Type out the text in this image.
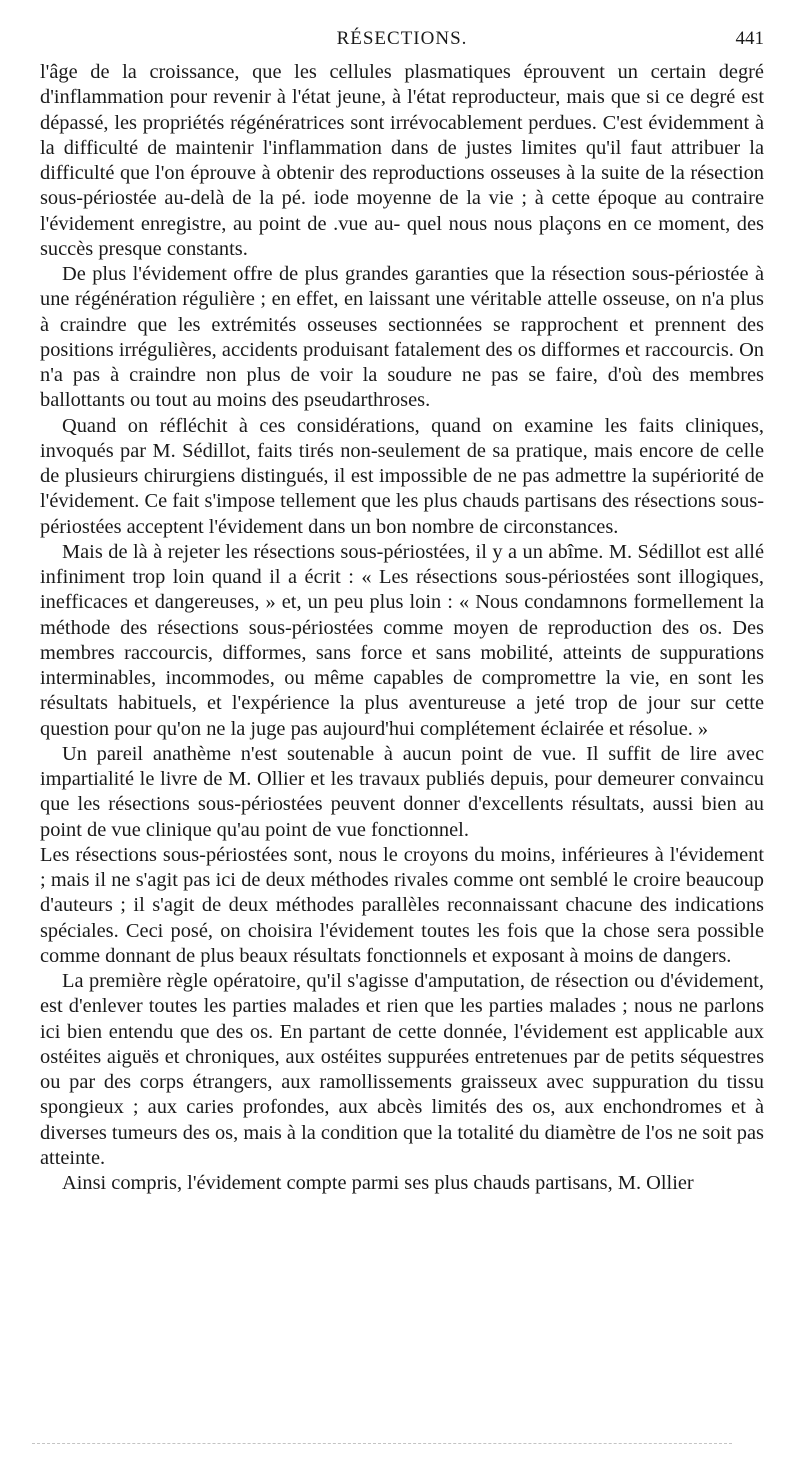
RÉSECTIONS.	441

l'âge de la croissance, que les cellules plasmatiques éprouvent un certain degré d'inflammation pour revenir à l'état jeune, à l'état reproducteur, mais que si ce degré est dépassé, les propriétés régénératrices sont irrévocablement perdues. C'est évidemment à la difficulté de maintenir l'inflammation dans de justes limites qu'il faut attribuer la difficulté que l'on éprouve à obtenir des reproductions osseuses à la suite de la résection sous-périostée au-delà de la pé. iode moyenne de la vie ; à cette époque au contraire l'évidement enregistre, au point de .vue au- quel nous nous plaçons en ce moment, des succès presque constants.

De plus l'évidement offre de plus grandes garanties que la résection sous-périostée à une régénération régulière ; en effet, en laissant une véritable attelle osseuse, on n'a plus à craindre que les extrémités osseuses sectionnées se rapprochent et prennent des positions irrégulières, accidents produisant fatalement des os difformes et raccourcis. On n'a pas à craindre non plus de voir la soudure ne pas se faire, d'où des membres ballottants ou tout au moins des pseudarthroses.

Quand on réfléchit à ces considérations, quand on examine les faits cliniques, invoqués par M. Sédillot, faits tirés non-seulement de sa pratique, mais encore de celle de plusieurs chirurgiens distingués, il est impossible de ne pas admettre la supériorité de l'évidement. Ce fait s'impose tellement que les plus chauds partisans des résections sous-périostées acceptent l'évidement dans un bon nombre de circonstances.

Mais de là à rejeter les résections sous-périostées, il y a un abîme. M. Sédillot est allé infiniment trop loin quand il a écrit : « Les résections sous-périostées sont illogiques, inefficaces et dangereuses, » et, un peu plus loin : « Nous condamnons formellement la méthode des résections sous-périostées comme moyen de reproduction des os. Des membres raccourcis, difformes, sans force et sans mobilité, atteints de suppurations interminables, incommodes, ou même capables de compromettre la vie, en sont les résultats habituels, et l'expérience la plus aventureuse a jeté trop de jour sur cette question pour qu'on ne la juge pas aujourd'hui complétement éclairée et résolue. »

Un pareil anathème n'est soutenable à aucun point de vue. Il suffit de lire avec impartialité le livre de M. Ollier et les travaux publiés depuis, pour demeurer convaincu que les résections sous-périostées peuvent donner d'excellents résultats, aussi bien au point de vue clinique qu'au point de vue fonctionnel.

Les résections sous-périostées sont, nous le croyons du moins, inférieures à l'évidement ; mais il ne s'agit pas ici de deux méthodes rivales comme ont semblé le croire beaucoup d'auteurs ; il s'agit de deux méthodes parallèles reconnaissant chacune des indications spéciales. Ceci posé, on choisira l'évidement toutes les fois que la chose sera possible comme donnant de plus beaux résultats fonctionnels et exposant à moins de dangers.

La première règle opératoire, qu'il s'agisse d'amputation, de résection ou d'évidement, est d'enlever toutes les parties malades et rien que les parties malades ; nous ne parlons ici bien entendu que des os. En partant de cette donnée, l'évidement est applicable aux ostéites aiguës et chroniques, aux ostéites suppurées entretenues par de petits séquestres ou par des corps étrangers, aux ramollissements graisseux avec suppuration du tissu spongieux ; aux caries profondes, aux abcès limités des os, aux enchondromes et à diverses tumeurs des os, mais à la condition que la totalité du diamètre de l'os ne soit pas atteinte.

Ainsi compris, l'évidement compte parmi ses plus chauds partisans, M. Ollier
